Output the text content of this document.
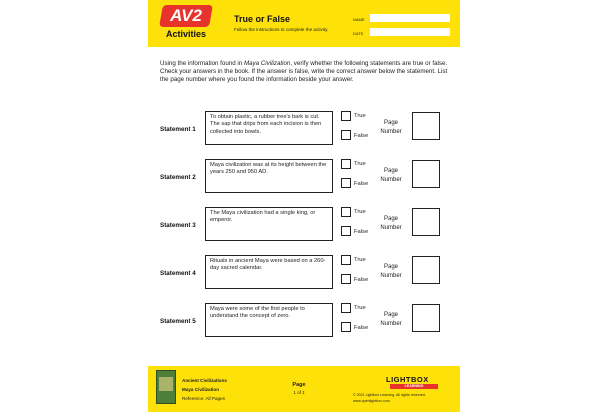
AV2
Activities
True or False
Follow the instructions to complete the activity.
NAME
DATE
Using the information found in Maya Civilization, verify whether the following statements are true or false. Check your answers in the book. If the answer is false, write the correct answer below the statement. List the page number where you found the information beside your answer.
Statement 1
To obtain plastic, a rubber tree's bark is cut. The sap that drips from each incision is then collected into bowls.
True
False
Page Number
Statement 2
Maya civilization was at its height between the years 250 and 950 AD.
True
False
Page Number
Statement 3
The Maya civilization had a single king, or emperor.
True
False
Page Number
Statement 4
Rituals in ancient Maya were based on a 260-day sacred calendar.
True
False
Page Number
Statement 5
Maya were some of the first people to understand the concept of zero.
True
False
Page Number
Ancient Civilizations
Maya Civilization
Reference: All Pages
Page
1 of 1
LIGHTBOX
LEARNING
© 2021 Lightbox Learning. All rights reserved.
www.openlightbox.com
